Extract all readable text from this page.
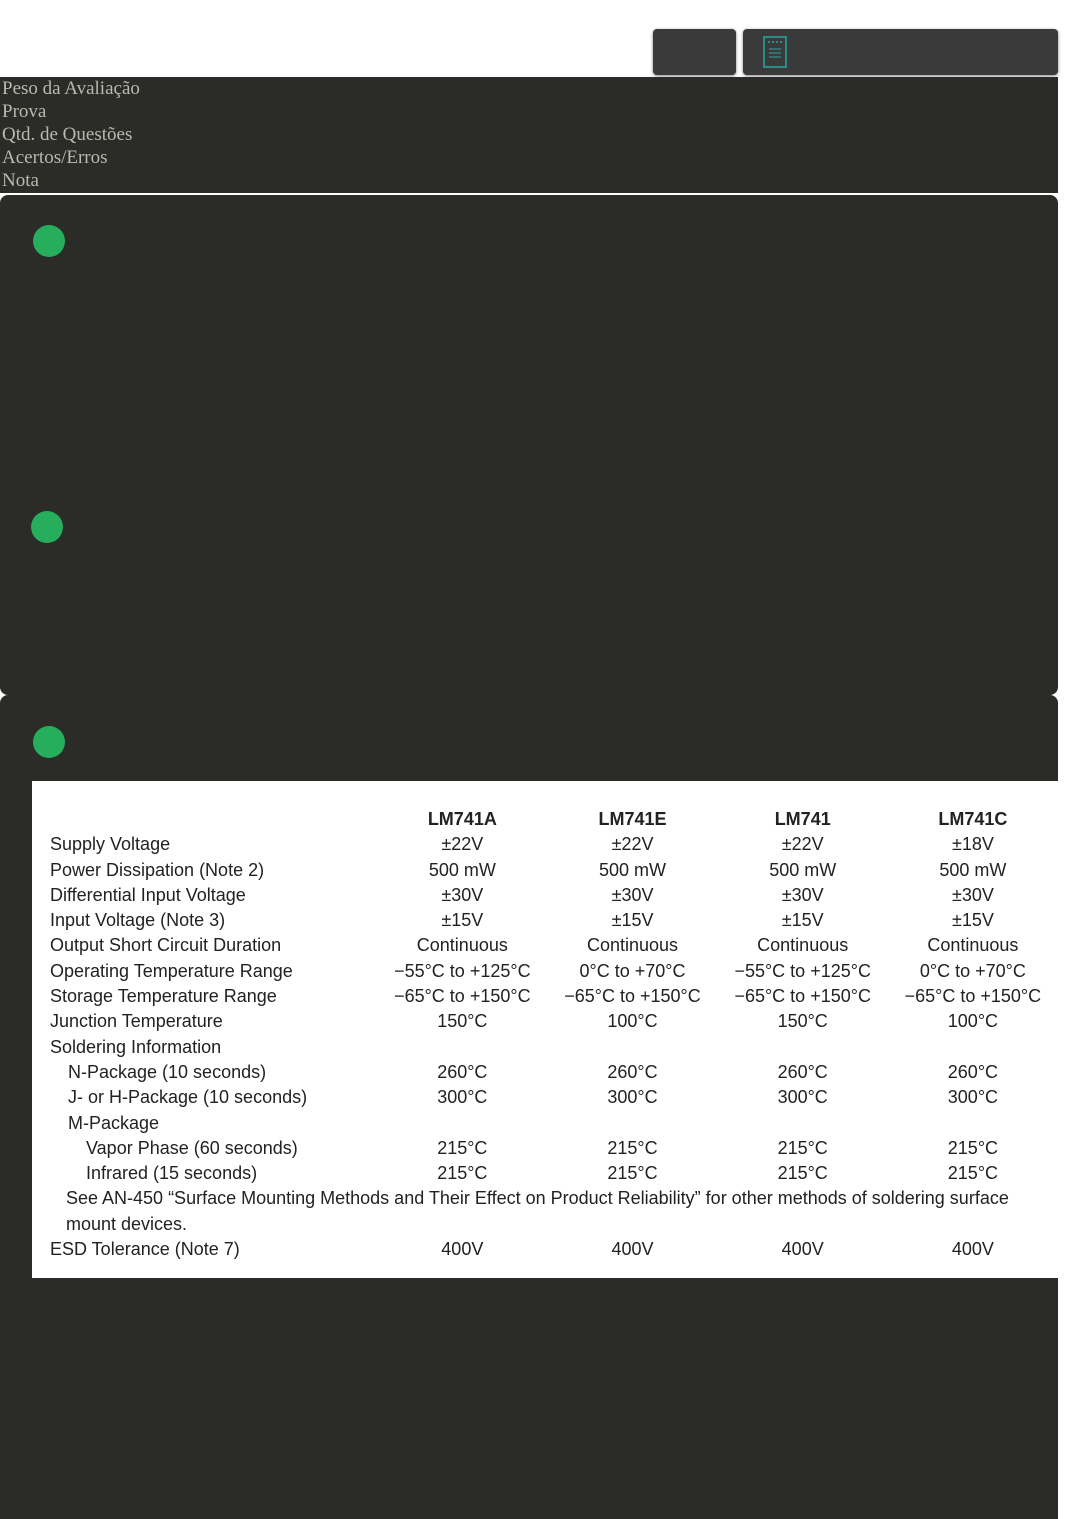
Peso da Avaliação
Prova
Qtd. de Questões
Acertos/Erros
Nota
	LM741A	LM741E	LM741	LM741C
Supply Voltage	±22V	±22V	±22V	±18V
Power Dissipation (Note 2)	500 mW	500 mW	500 mW	500 mW
Differential Input Voltage	±30V	±30V	±30V	±30V
Input Voltage (Note 3)	±15V	±15V	±15V	±15V
Output Short Circuit Duration	Continuous	Continuous	Continuous	Continuous
Operating Temperature Range	−55°C to +125°C	0°C to +70°C	−55°C to +125°C	0°C to +70°C
Storage Temperature Range	−65°C to +150°C	−65°C to +150°C	−65°C to +150°C	−65°C to +150°C
Junction Temperature	150°C	100°C	150°C	100°C
Soldering Information				
N-Package (10 seconds)	260°C	260°C	260°C	260°C
J- or H-Package (10 seconds)	300°C	300°C	300°C	300°C
M-Package				
Vapor Phase (60 seconds)	215°C	215°C	215°C	215°C
Infrared (15 seconds)	215°C	215°C	215°C	215°C
See AN-450 “Surface Mounting Methods and Their Effect on Product Reliability” for other methods of soldering surface mount devices.				
ESD Tolerance (Note 7)	400V	400V	400V	400V
